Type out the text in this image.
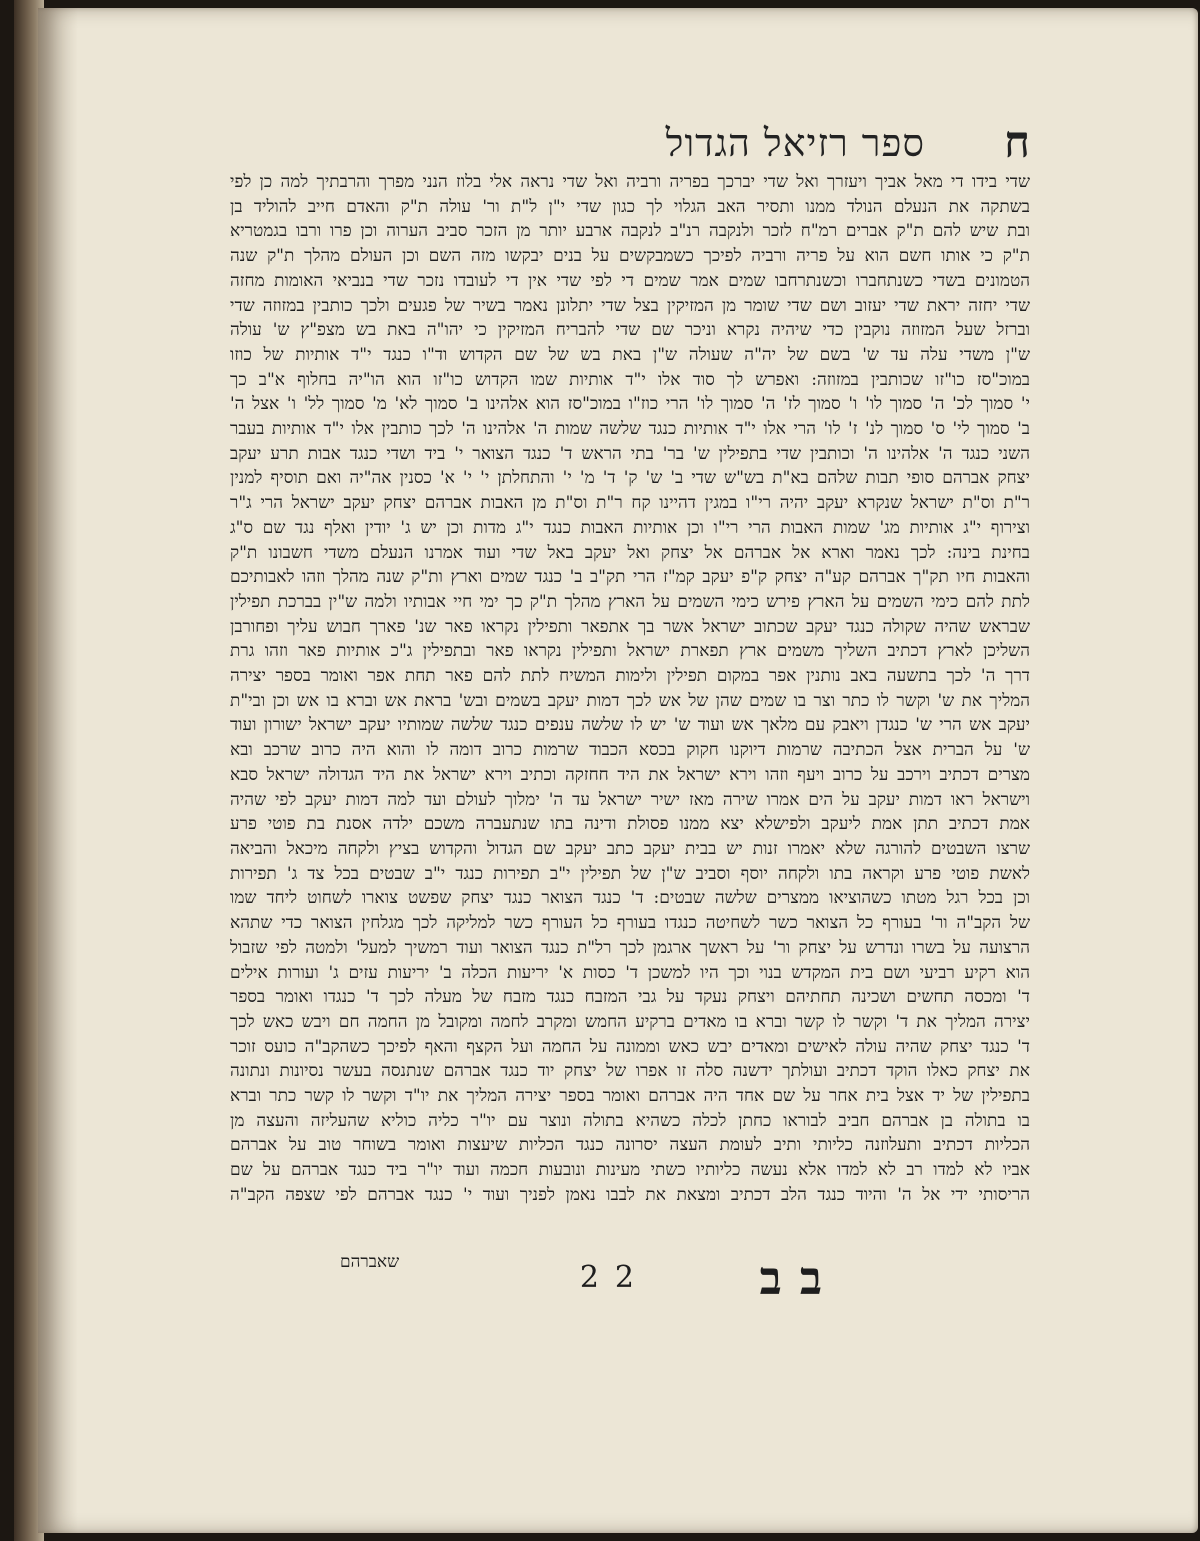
ח
ספר רזיאל הגדול
שדי בידו די מאל אביך ויעזרך ואל שדי יברכך בפריה ורביה ואל שדי נראה אלי בלוז הנני מפרך והרבתיך למה כן לפי
בשתקה את הנעלם הנולד ממנו ותסיר האב הגלוי לך כגון שדי י"ן ל"ת ור' עולה ת"ק והאדם חייב להוליד בן
ובת שיש להם ת"ק אברים רמ"ח לזכר ולנקבה רנ"ב לנקבה ארבע יותר מן הזכר סביב הערוה וכן פרו ורבו בגמטריא
ת"ק כי אותו חשם הוא על פריה ורביה לפיכך כשמבקשים על בנים יבקשו מזה השם וכן העולם מהלך ת"ק שנה
הטמונים בשדי כשנתחברו וכשנתרחבו שמים אמר שמים די לפי שדי אין די לעובדו נזכר שדי בנביאי האומות מחזה
שדי יחזה יראת שדי יעזוב ושם שדי שומר מן המזיקין בצל שדי יתלונן נאמר בשיר של פגעים ולכך כותבין במזוזה שדי
וברזל שעל המזוזה נוקבין כדי שיהיה נקרא וניכר שם שדי להבריח המזיקין כי יהו"ה באת בש מצפ"ץ ש' עולה
ש"ן משדי עלה עד ש' בשם של יה"ה שעולה ש"ן באת בש של שם הקדוש וד"ו כנגד י"ד אותיות של כוזו
במוכ"סז כו"זו שכותבין במזוזה: ואפרש לך סוד אלו י"ד אותיות שמו הקדוש כו"זו הוא הו"יה בחלוף א"ב כך
י' סמוך לכ' ה' סמוך לו' ו' סמוך לז' ה' סמוך לו' הרי כוז"ו במוכ"סז הוא אלהינו ב' סמוך לא' מ' סמוך לל' ו' אצל ה'
ב' סמוך לי' ס' סמוך לנ' ז' לו' הרי אלו י"ד אותיות כנגד שלשה שמות ה' אלהינו ה' לכך כותבין אלו י"ד אותיות בעבר
השני כנגד ה' אלהינו ה' וכותבין שדי בתפילין ש' בר' בתי הראש ד' כנגד הצואר י' ביד ושדי כנגד אבות תרע יעקב
יצחק אברהם סופי תבות שלהם בא"ת בש"ש שדי ב' ש' ק' ד' מ' י' והתחלתן י' י' א' כסנין אה"יה ואם תוסיף למנין
ר"ת וס"ת ישראל שנקרא יעקב יהיה רי"ו במגין דהיינו קח ר"ת וס"ת מן האבות אברהם יצחק יעקב ישראל הרי ג"ר
וצירוף י"ג אותיות מג' שמות האבות הרי רי"ו וכן אותיות האבות כנגד י"ג מדות וכן יש ג' יודין ואלף נגד שם ס"ג
בחינת בינה: לכך נאמר וארא אל אברהם אל יצחק ואל יעקב באל שדי ועוד אמרנו הנעלם משדי חשבונו ת"ק
והאבות חיו תק"ך אברהם קע"ה יצחק ק"פ יעקב קמ"ז הרי תק"ב ב' כנגד שמים וארץ ות"ק שנה מהלך וזהו לאבותיכם
לתת להם כימי השמים על הארץ פירש כימי השמים על הארץ מהלך ת"ק כך ימי חיי אבותיו ולמה ש"ין בברכת תפילין
שבראש שהיה שקולה כנגד יעקב שכתוב ישראל אשר בך אתפאר ותפילין נקראו פאר שנ' פארך חבוש עליך ופחורבן
השליכן לארץ דכתיב השליך משמים ארץ תפארת ישראל ותפילין נקראו פאר ובתפילין ג"כ אותיות פאר וזהו גרת
דרך ה' לכך בתשעה באב נותנין אפר במקום תפילין ולימות המשיח לתת להם פאר תחת אפר ואומר בספר יצירה
המליך את ש' וקשר לו כתר וצר בו שמים שהן של אש לכך דמות יעקב בשמים ובש' בראת אש וברא בו אש וכן ובי"ת
יעקב אש הרי ש' כנגדן ויאבק עם מלאך אש ועוד ש' יש לו שלשה ענפים כנגד שלשה שמותיו יעקב ישראל ישורון ועוד
ש' על הברית אצל הכתיבה שרמות דיוקנו חקוק בכסא הכבוד שרמות כרוב דומה לו והוא היה כרוב שרכב ובא
מצרים דכתיב וירכב על כרוב ויעף וזהו וירא ישראל את היד חחזקה וכתיב וירא ישראל את היד הגדולה ישראל סבא
וישראל ראו דמות יעקב על הים אמרו שירה מאז ישיר ישראל עד ה' ימלוך לעולם ועד למה דמות יעקב לפי שהיה
אמת דכתיב תתן אמת ליעקב ולפישלא יצא ממנו פסולת ודינה בתו שנתעברה משכם ילדה אסנת בת פוטי פרע
שרצו השבטים להורגה שלא יאמרו זנות יש בבית יעקב כתב יעקב שם הגדול והקדוש בציץ ולקחה מיכאל והביאה
לאשת פוטי פרע וקראה בתו ולקחה יוסף וסביב ש"ן של תפילין י"ב תפירות כנגד י"ב שבטים בכל צד ג' תפירות
וכן בכל רגל מטתו כשהוציאו ממצרים שלשה שבטים: ד' כנגד הצואר כנגד יצחק שפשט צוארו לשחוט ליחד שמו
של הקב"ה ור' בעורף כל הצואר כשר לשחיטה כנגדו בעורף כל העורף כשר למליקה לכך מגלחין הצואר כדי שתהא
הרצועה על בשרו ונדרש על יצחק ור' על ראשך ארגמן לכך רל"ת כנגד הצואר ועוד רמשיך למעל' ולמטה לפי שזבול
הוא רקיע רביעי ושם בית המקדש בנוי וכך היו למשכן ד' כסות א' יריעות הכלה ב' יריעות עזים ג' ועורות אילים
ד' ומכסה תחשים ושכינה תחתיהם ויצחק נעקד על גבי המזבח כנגד מזבח של מעלה לכך ד' כנגדו ואומר בספר
יצירה המליך את ד' וקשר לו קשר וברא בו מאדים ברקיע החמש ומקרב לחמה ומקובל מן החמה חם ויבש כאש לכך
ד' כנגד יצחק שהיה עולה לאישים ומאדים יבש כאש וממונה על החמה ועל הקצף והאף לפיכך כשהקב"ה כועס זוכר
את יצחק כאלו הוקד דכתיב ועולתך ידשנה סלה זו אפרו של יצחק יוד כנגד אברהם שנתנסה בעשר נסיונות ונתונה
בתפילין של יד אצל בית אחר על שם אחד היה אברהם ואומר בספר יצירה המליך את יו"ד וקשר לו קשר כתר וברא
בו בתולה בן אברהם חביב לבוראו כחתן לכלה כשהיא בתולה ונוצר עם יו"ר כליה כוליא שהעליזה והעצה מן
הכליות דכתיב ותעלוזנה כליותי ותיב לעומת העצה יסרונה כנגד הכליות שיעצות ואומר בשוחר טוב על אברהם
אביו לא למדו רב לא למדו אלא נעשה כליותיו כשתי מעינות ונובעות חכמה ועוד יו"ר ביד כנגד אברהם על שם
הריסותי ידי אל ה' והיוד כנגד הלב דכתיב ומצאת את לבבו נאמן לפניך ועוד י' כנגד אברהם לפי שצפה הקב"ה
בב
22
שאברהם
